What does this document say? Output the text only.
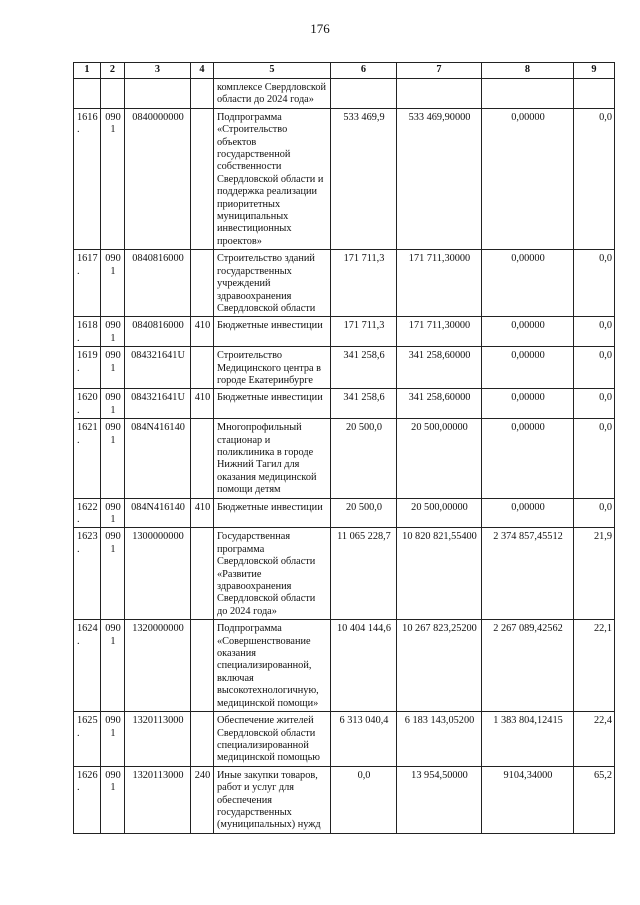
176
1	2	3	4	5	6	7	8	9
				комплексе Свердловской области до 2024 года»				
1616.	0901	0840000000		Подпрограмма «Строительство объектов государственной собственности Свердловской области и поддержка реализации приоритетных муниципальных инвестиционных проектов»	533 469,9	533 469,90000	0,00000	0,0
1617.	0901	0840816000		Строительство зданий государственных учреждений здравоохранения Свердловской области	171 711,3	171 711,30000	0,00000	0,0
1618.	0901	0840816000	410	Бюджетные инвестиции	171 711,3	171 711,30000	0,00000	0,0
1619.	0901	084321641U		Строительство Медицинского центра в городе Екатеринбурге	341 258,6	341 258,60000	0,00000	0,0
1620.	0901	084321641U	410	Бюджетные инвестиции	341 258,6	341 258,60000	0,00000	0,0
1621.	0901	084N416140		Многопрофильный стационар и поликлиника в городе Нижний Тагил для оказания медицинской помощи детям	20 500,0	20 500,00000	0,00000	0,0
1622.	0901	084N416140	410	Бюджетные инвестиции	20 500,0	20 500,00000	0,00000	0,0
1623.	0901	1300000000		Государственная программа Свердловской области «Развитие здравоохранения Свердловской области до 2024 года»	11 065 228,7	10 820 821,55400	2 374 857,45512	21,9
1624.	0901	1320000000		Подпрограмма «Совершенствование оказания специализированной, включая высокотехнологичную, медицинской помощи»	10 404 144,6	10 267 823,25200	2 267 089,42562	22,1
1625.	0901	1320113000		Обеспечение жителей Свердловской области специализированной медицинской помощью	6 313 040,4	6 183 143,05200	1 383 804,12415	22,4
1626.	0901	1320113000	240	Иные закупки товаров, работ и услуг для обеспечения государственных (муниципальных) нужд	0,0	13 954,50000	9104,34000	65,2
